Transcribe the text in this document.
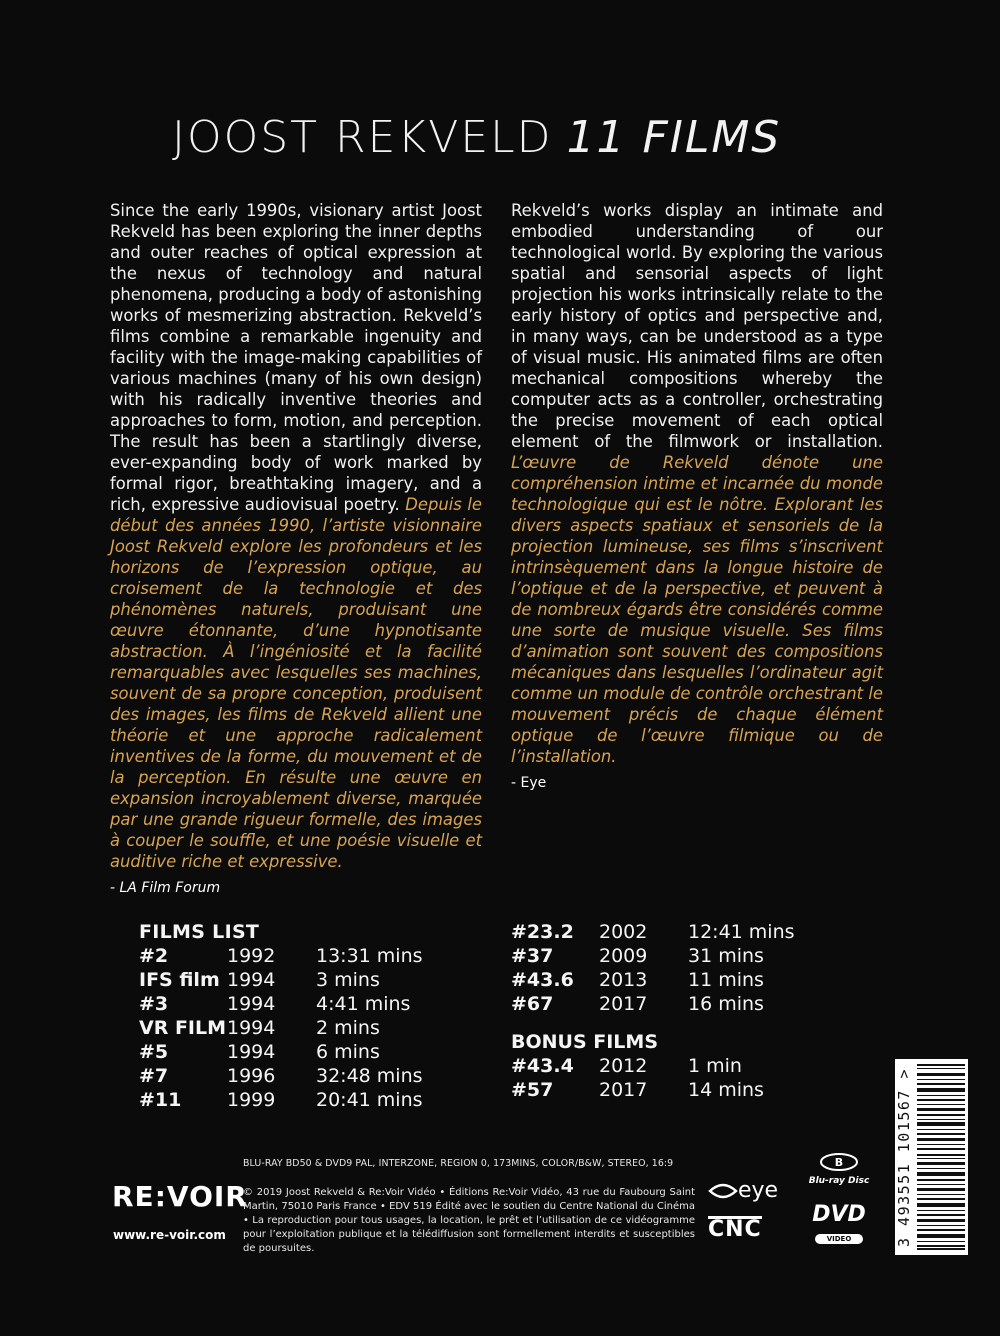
JOOST REKVELD 11 FILMS
Since the early 1990s, visionary artist Joost Rekveld has been exploring the inner depths and outer reaches of optical expression at the nexus of technology and natural phenomena, producing a body of astonishing works of mesmerizing abstraction. Rekveld’s films combine a remarkable ingenuity and facility with the image-making capabilities of various machines (many of his own design) with his radically inventive theories and approaches to form, motion, and perception. The result has been a startlingly diverse, ever-expanding body of work marked by formal rigor, breathtaking imagery, and a rich, expressive audiovisual poetry. Depuis le début des années 1990, l’artiste visionnaire Joost Rekveld explore les profondeurs et les horizons de l’expression optique, au croisement de la technologie et des phénomènes naturels, produisant une œuvre étonnante, d’une hypnotisante abstraction. À l’ingéniosité et la facilité remarquables avec lesquelles ses machines, souvent de sa propre conception, produisent des images, les films de Rekveld allient une théorie et une approche radicalement inventives de la forme, du mouvement et de la perception. En résulte une œuvre en expansion incroyablement diverse, marquée par une grande rigueur formelle, des images à couper le souffle, et une poésie visuelle et auditive riche et expressive.
- LA Film Forum
Rekveld’s works display an intimate and embodied understanding of our technological world. By exploring the various spatial and sensorial aspects of light projection his works intrinsically relate to the early history of optics and perspective and, in many ways, can be understood as a type of visual music. His animated films are often mechanical compositions whereby the computer acts as a controller, orchestrating the precise movement of each optical element of the filmwork or installation. L’œuvre de Rekveld dénote une compréhension intime et incarnée du monde technologique qui est le nôtre. Explorant les divers aspects spatiaux et sensoriels de la projection lumineuse, ses films s’inscrivent intrinsèquement dans la longue histoire de l’optique et de la perspective, et peuvent à de nombreux égards être considérés comme une sorte de musique visuelle. Ses films d’animation sont souvent des compositions mécaniques dans lesquelles l’ordinateur agit comme un module de contrôle orchestrant le mouvement précis de chaque élément optique de l’œuvre filmique ou de l’installation.
- Eye
FILMS LIST
#2	1992	13:31 mins
IFS film 1994	3 mins
#3	1994	4:41 mins
VR FILM 1994	2 mins
#5	1994	6 mins
#7	1996	32:48 mins
#11	1999	20:41 mins
#23.2	2002	12:41 mins
#37	2009	31 mins
#43.6	2013	11 mins
#67	2017	16 mins
BONUS FILMS
#43.4	2012	1 min
#57	2017	14 mins
RE:VOIR
www.re-voir.com
BLU-RAY BD50 & DVD9 PAL, INTERZONE, REGION 0, 173MINS, COLOR/B&W, STEREO, 16:9
© 2019 Joost Rekveld & Re:Voir Vidéo • Éditions Re:Voir Vidéo, 43 rue du Faubourg Saint Martin, 75010 Paris France • EDV 519 Édité avec le soutien du Centre National du Cinéma • La reproduction pour tous usages, la location, le prêt et l’utilisation de ce vidéogramme pour l’exploitation publique et la télédiffusion sont formellement interdits et susceptibles de poursuites.
eye
CNC
B
Blu-ray Disc
DVD
VIDEO	3 493551 101567 >
